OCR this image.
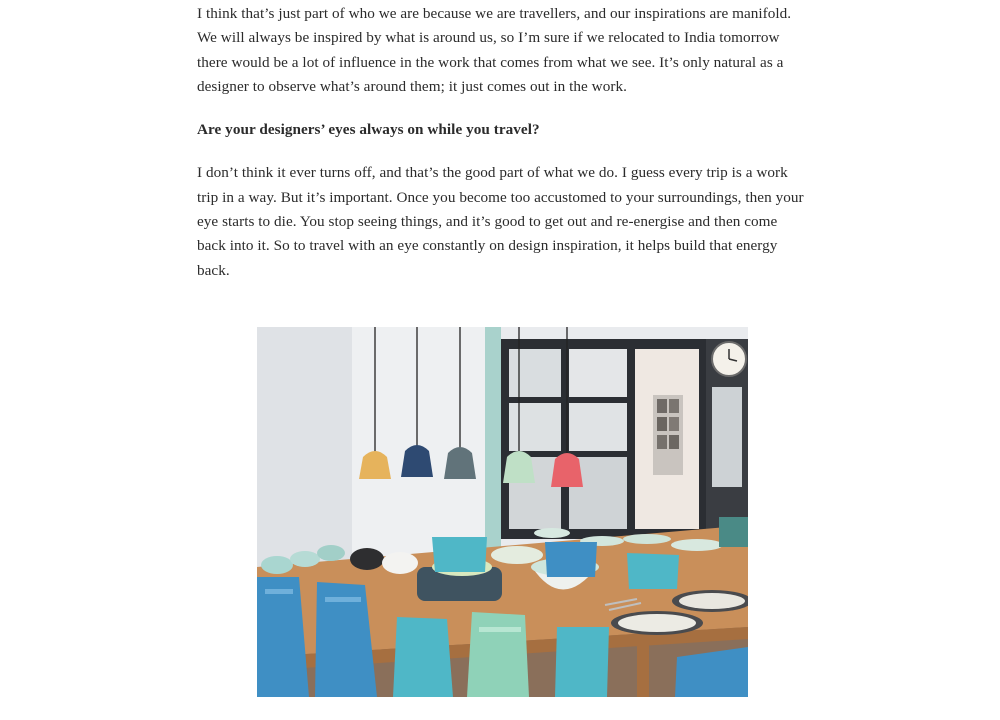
I think that’s just part of who we are because we are travellers, and our inspirations are manifold. We will always be inspired by what is around us, so I’m sure if we relocated to India tomorrow there would be a lot of influence in the work that comes from what we see. It’s only natural as a designer to observe what’s around them; it just comes out in the work.

Are your designers’ eyes always on while you travel?

I don’t think it ever turns off, and that’s the good part of what we do. I guess every trip is a work trip in a way. But it’s important. Once you become too accustomed to your surroundings, then your eye starts to die. You stop seeing things, and it’s good to get out and re-energise and then come back into it. So to travel with an eye constantly on design inspiration, it helps build that energy back.
